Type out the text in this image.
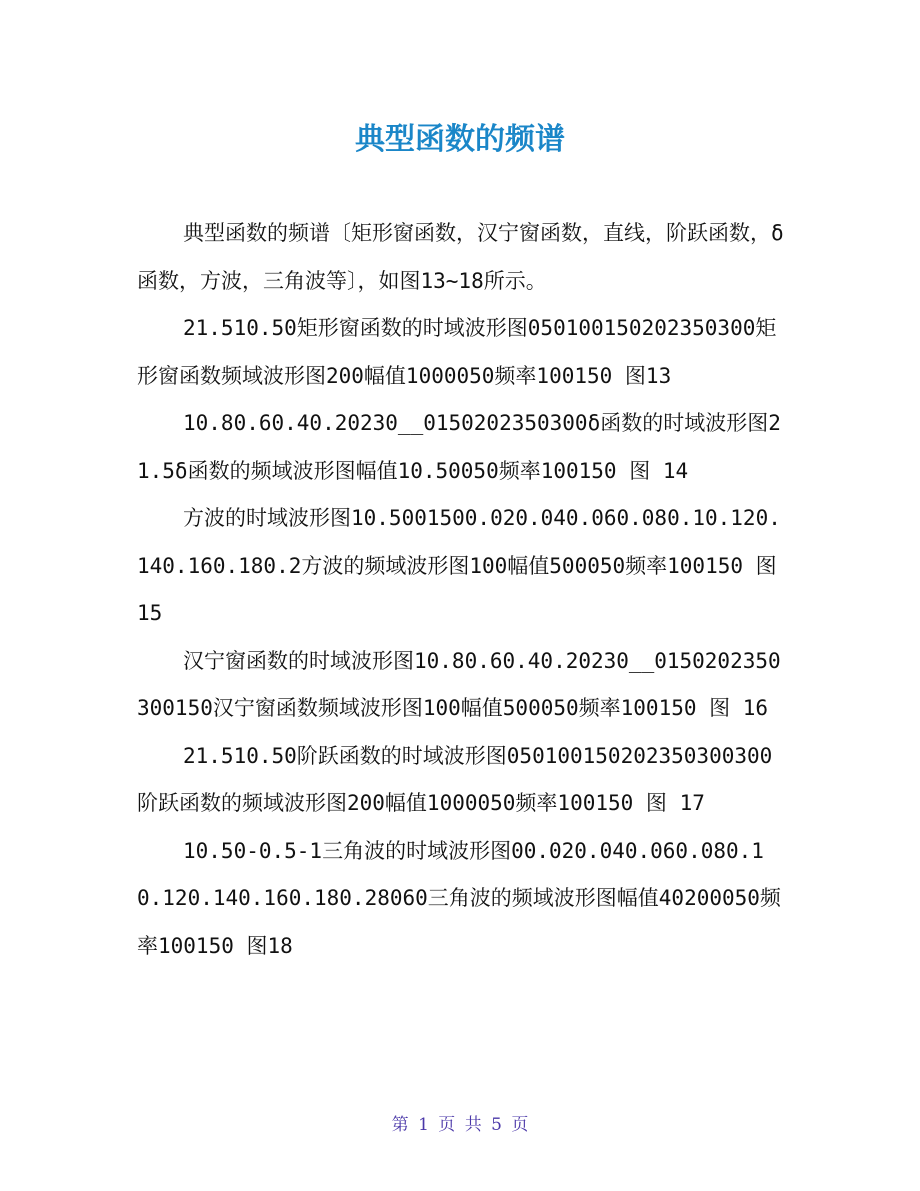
典型函数的频谱

典型函数的频谱〔矩形窗函数，汉宁窗函数，直线，阶跃函数，δ函数，方波，三角波等〕，如图13~18所示。

21.510.50矩形窗函数的时域波形图050100150202350300矩形窗函数频域波形图200幅值1000050频率100150 图13

10.80.60.40.20230__0150202350300δ函数的时域波形图21.5δ函数的频域波形图幅值10.50050频率100150 图 14

方波的时域波形图10.5001500.020.040.060.080.10.120.140.160.180.2方波的频域波形图100幅值500050频率100150 图 15

汉宁窗函数的时域波形图10.80.60.40.20230__0150202350300150汉宁窗函数频域波形图100幅值500050频率100150 图 16

21.510.50阶跃函数的时域波形图050100150202350300300阶跃函数的频域波形图200幅值1000050频率100150 图 17

10.50-0.5-1三角波的时域波形图00.020.040.060.080.10.120.140.160.180.28060三角波的频域波形图幅值40200050频率100150 图18

第 1 页 共 5 页
